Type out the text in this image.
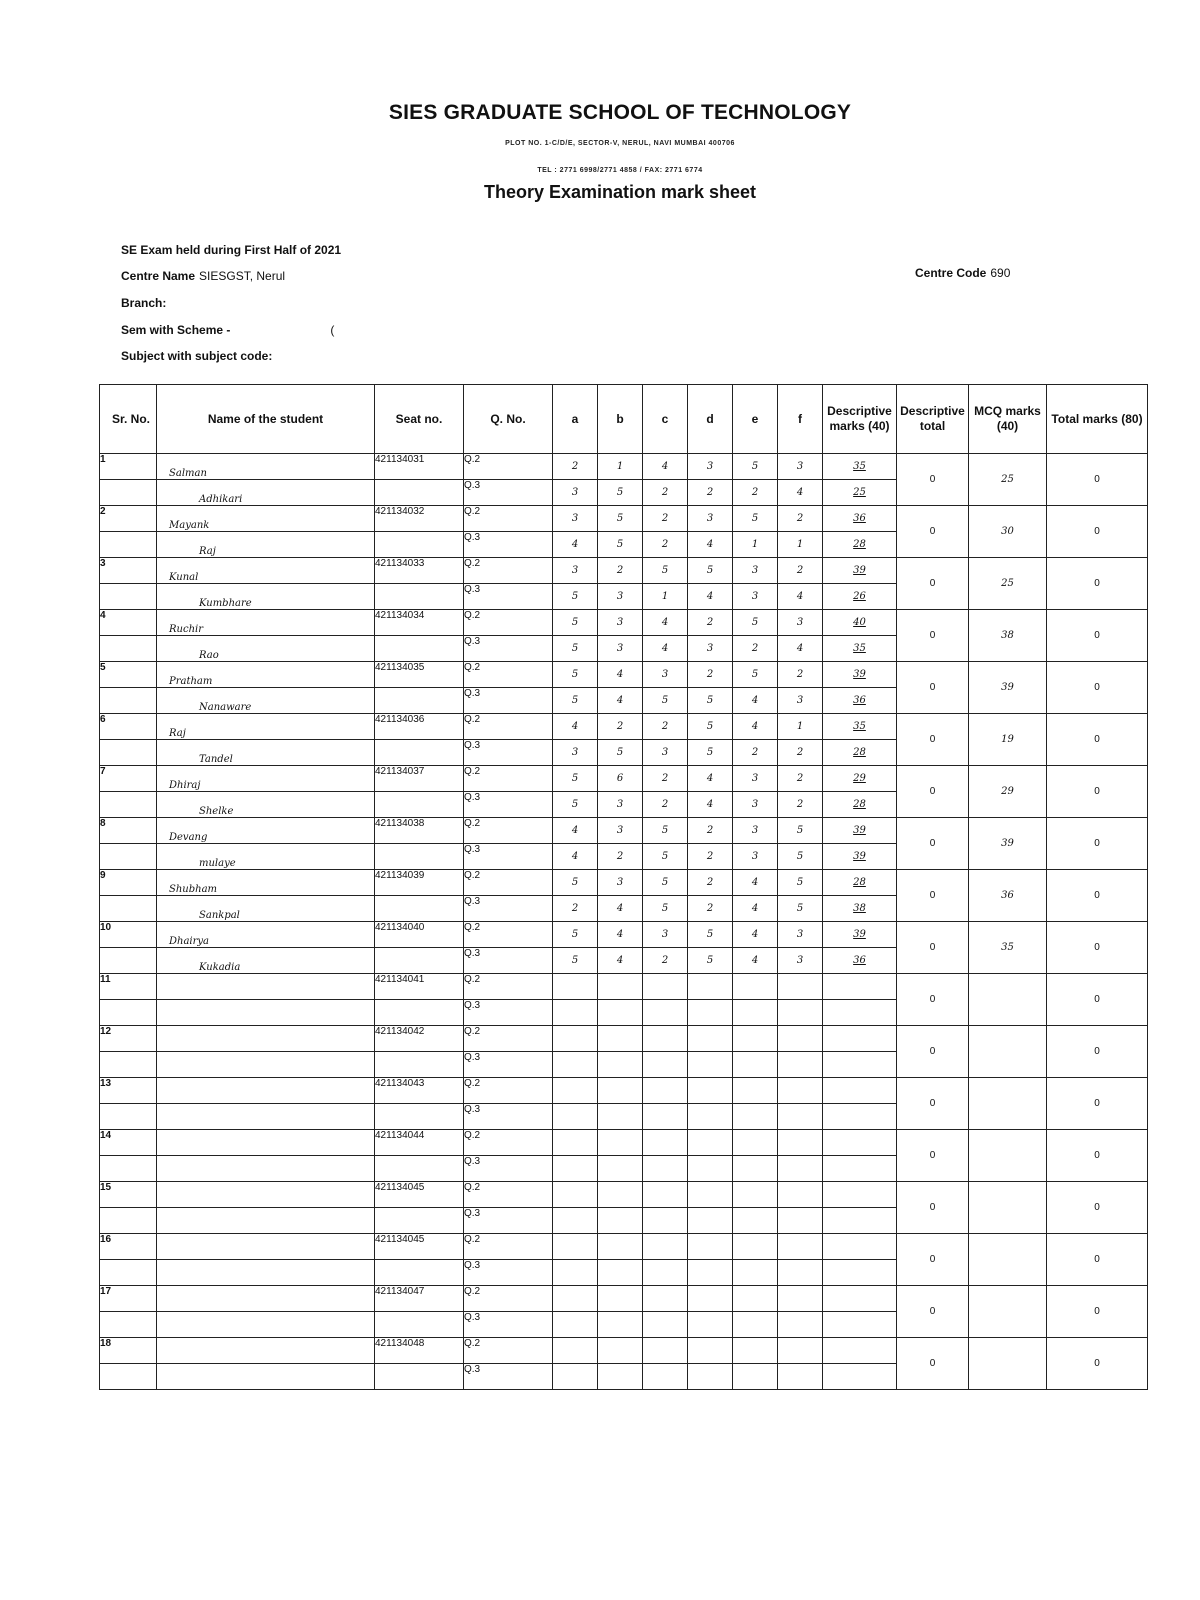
SIES GRADUATE SCHOOL OF TECHNOLOGY
PLOT NO. 1-C/D/E, SECTOR-V, NERUL, NAVI MUMBAI 400706
TEL : 2771 6998/2771 4858 / FAX: 2771 6774
Theory Examination mark sheet
SE Exam held during First Half of 2021
Centre Name SIESGST, Nerul
Branch:
Sem with Scheme -	(
Subject with subject code:
Centre Code 690
Sr. No.	Name of the student	Seat no.	Q. No.	a	b	c	d	e	f	Descriptive marks (40)	Descriptive total	MCQ marks (40)	Total marks (80)
1	Salman	421134031	Q.2	2	1	4	3	5	3	35	0	25	0
	Adhikari		Q.3	3	5	2	2	2	4	25			
2	Mayank	421134032	Q.2	3	5	2	3	5	2	36	0	30	0
	Raj		Q.3	4	5	2	4	1	1	28			
3	Kunal	421134033	Q.2	3	2	5	5	3	2	39	0	25	0
	Kumbhare		Q.3	5	3	1	4	3	4	26			
4	Ruchir	421134034	Q.2	5	3	4	2	5	3	40	0	38	0
	Rao		Q.3	5	3	4	3	2	4	35			
5	Pratham	421134035	Q.2	5	4	3	2	5	2	39	0	39	0
	Nanaware		Q.3	5	4	5	5	4	3	36			
6	Raj	421134036	Q.2	4	2	2	5	4	1	35	0	19	0
	Tandel		Q.3	3	5	3	5	2	2	28			
7	Dhiraj	421134037	Q.2	5	6	2	4	3	2	29	0	29	0
	Shelke		Q.3	5	3	2	4	3	2	28			
8	Devang	421134038	Q.2	4	3	5	2	3	5	39	0	39	0
	mulaye		Q.3	4	2	5	2	3	5	39			
9	Shubham	421134039	Q.2	5	3	5	2	4	5	28	0	36	0
	Sankpal		Q.3	2	4	5	2	4	5	38			
10	Dhairya	421134040	Q.2	5	4	3	5	4	3	39	0	35	0
	Kukadia		Q.3	5	4	2	5	4	3	36			
11		421134041	Q.2								0		0
			Q.3										
12		421134042	Q.2								0		0
			Q.3										
13		421134043	Q.2								0		0
			Q.3										
14		421134044	Q.2								0		0
			Q.3										
15		421134045	Q.2								0		0
			Q.3										
16		421134045	Q.2								0		0
			Q.3										
17		421134047	Q.2								0		0
			Q.3										
18		421134048	Q.2								0		0
			Q.3										
